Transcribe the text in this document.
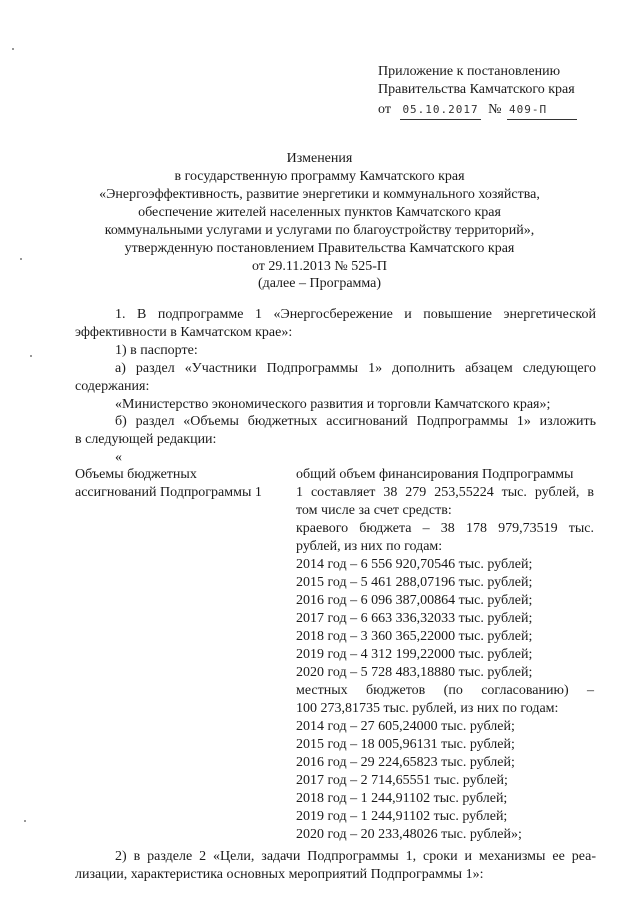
Приложение к постановлению
Правительства Камчатского края
от 05.10.2017 № 409-П
Изменения
в государственную программу Камчатского края
«Энергоэффективность, развитие энергетики и коммунального хозяйства,
обеспечение жителей населенных пунктов Камчатского края
коммунальными услугами и услугами по благоустройству территорий»,
утвержденную постановлением Правительства Камчатского края
от 29.11.2013 № 525-П
(далее – Программа)
1. В подпрограмме 1 «Энергосбережение и повышение энергетической
эффективности в Камчатском крае»:
1) в паспорте:
а) раздел «Участники Подпрограммы 1» дополнить абзацем следующего
содержания:
«Министерство экономического развития и торговли Камчатского края»;
б) раздел «Объемы бюджетных ассигнований Подпрограммы 1» изложить
в следующей редакции:
«
Объемы бюджетных
ассигнований Подпрограммы 1
общий объем финансирования Подпрограммы
1 составляет 38 279 253,55224 тыс. рублей, в
том числе за счет средств:
краевого бюджета – 38 178 979,73519 тыс.
рублей, из них по годам:
2014 год – 6 556 920,70546 тыс. рублей;
2015 год – 5 461 288,07196 тыс. рублей;
2016 год – 6 096 387,00864 тыс. рублей;
2017 год – 6 663 336,32033 тыс. рублей;
2018 год – 3 360 365,22000 тыс. рублей;
2019 год – 4 312 199,22000 тыс. рублей;
2020 год – 5 728 483,18880 тыс. рублей;
местных бюджетов (по согласованию) –
100 273,81735 тыс. рублей, из них по годам:
2014 год – 27 605,24000 тыс. рублей;
2015 год – 18 005,96131 тыс. рублей;
2016 год – 29 224,65823 тыс. рублей;
2017 год – 2 714,65551 тыс. рублей;
2018 год – 1 244,91102 тыс. рублей;
2019 год – 1 244,91102 тыс. рублей;
2020 год – 20 233,48026 тыс. рублей»;
2) в разделе 2 «Цели, задачи Подпрограммы 1, сроки и механизмы ее реа-
лизации, характеристика основных мероприятий Подпрограммы 1»:
